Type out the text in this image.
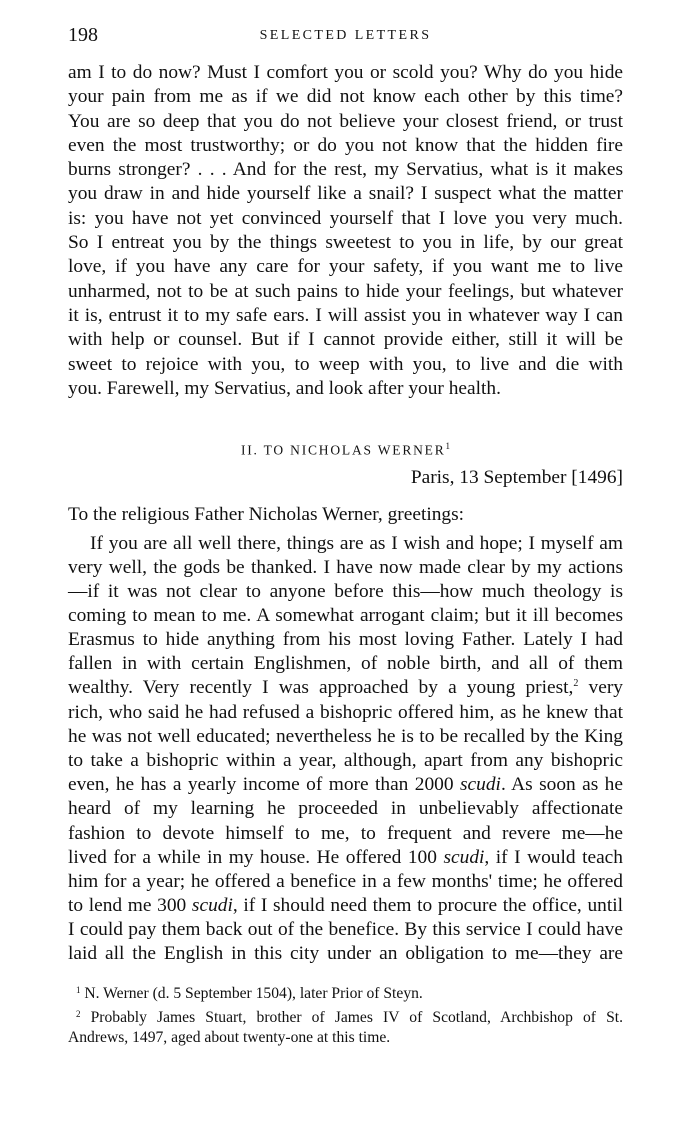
198	SELECTED LETTERS
am I to do now? Must I comfort you or scold you? Why do you hide
your pain from me as if we did not know each other by this time?
You are so deep that you do not believe your closest friend, or trust
even the most trustworthy; or do you not know that the hidden fire
burns stronger? . . . And for the rest, my Servatius, what is it makes
you draw in and hide yourself like a snail? I suspect what the matter
is: you have not yet convinced yourself that I love you very much.
So I entreat you by the things sweetest to you in life, by our great
love, if you have any care for your safety, if you want me to live
unharmed, not to be at such pains to hide your feelings, but whatever
it is, entrust it to my safe ears. I will assist you in whatever way I can
with help or counsel. But if I cannot provide either, still it will be
sweet to rejoice with you, to weep with you, to live and die with
you. Farewell, my Servatius, and look after your health.
II. TO NICHOLAS WERNER$^1$
Paris, 13 September [1496]
To the religious Father Nicholas Werner, greetings:
If you are all well there, things are as I wish and hope; I myself am
very well, the gods be thanked. I have now made clear by my actions
—if it was not clear to anyone before this—how much theology is
coming to mean to me. A somewhat arrogant claim; but it ill becomes
Erasmus to hide anything from his most loving Father. Lately I had
fallen in with certain Englishmen, of noble birth, and all of them
wealthy. Very recently I was approached by a young priest,$^2$ very
rich, who said he had refused a bishopric offered him, as he knew that
he was not well educated; nevertheless he is to be recalled by the King
to take a bishopric within a year, although, apart from any bishopric
even, he has a yearly income of more than 2000 scudi. As soon as he
heard of my learning he proceeded in unbelievably affectionate
fashion to devote himself to me, to frequent and revere me—he
lived for a while in my house. He offered 100 scudi, if I would teach
him for a year; he offered a benefice in a few months' time; he offered
to lend me 300 scudi, if I should need them to procure the office, until
I could pay them back out of the benefice. By this service I could have
laid all the English in this city under an obligation to me—they are
$^1$ N. Werner (d. 5 September 1504), later Prior of Steyn.
$^2$ Probably James Stuart, brother of James IV of Scotland, Archbishop of St.
Andrews, 1497, aged about twenty-one at this time.
